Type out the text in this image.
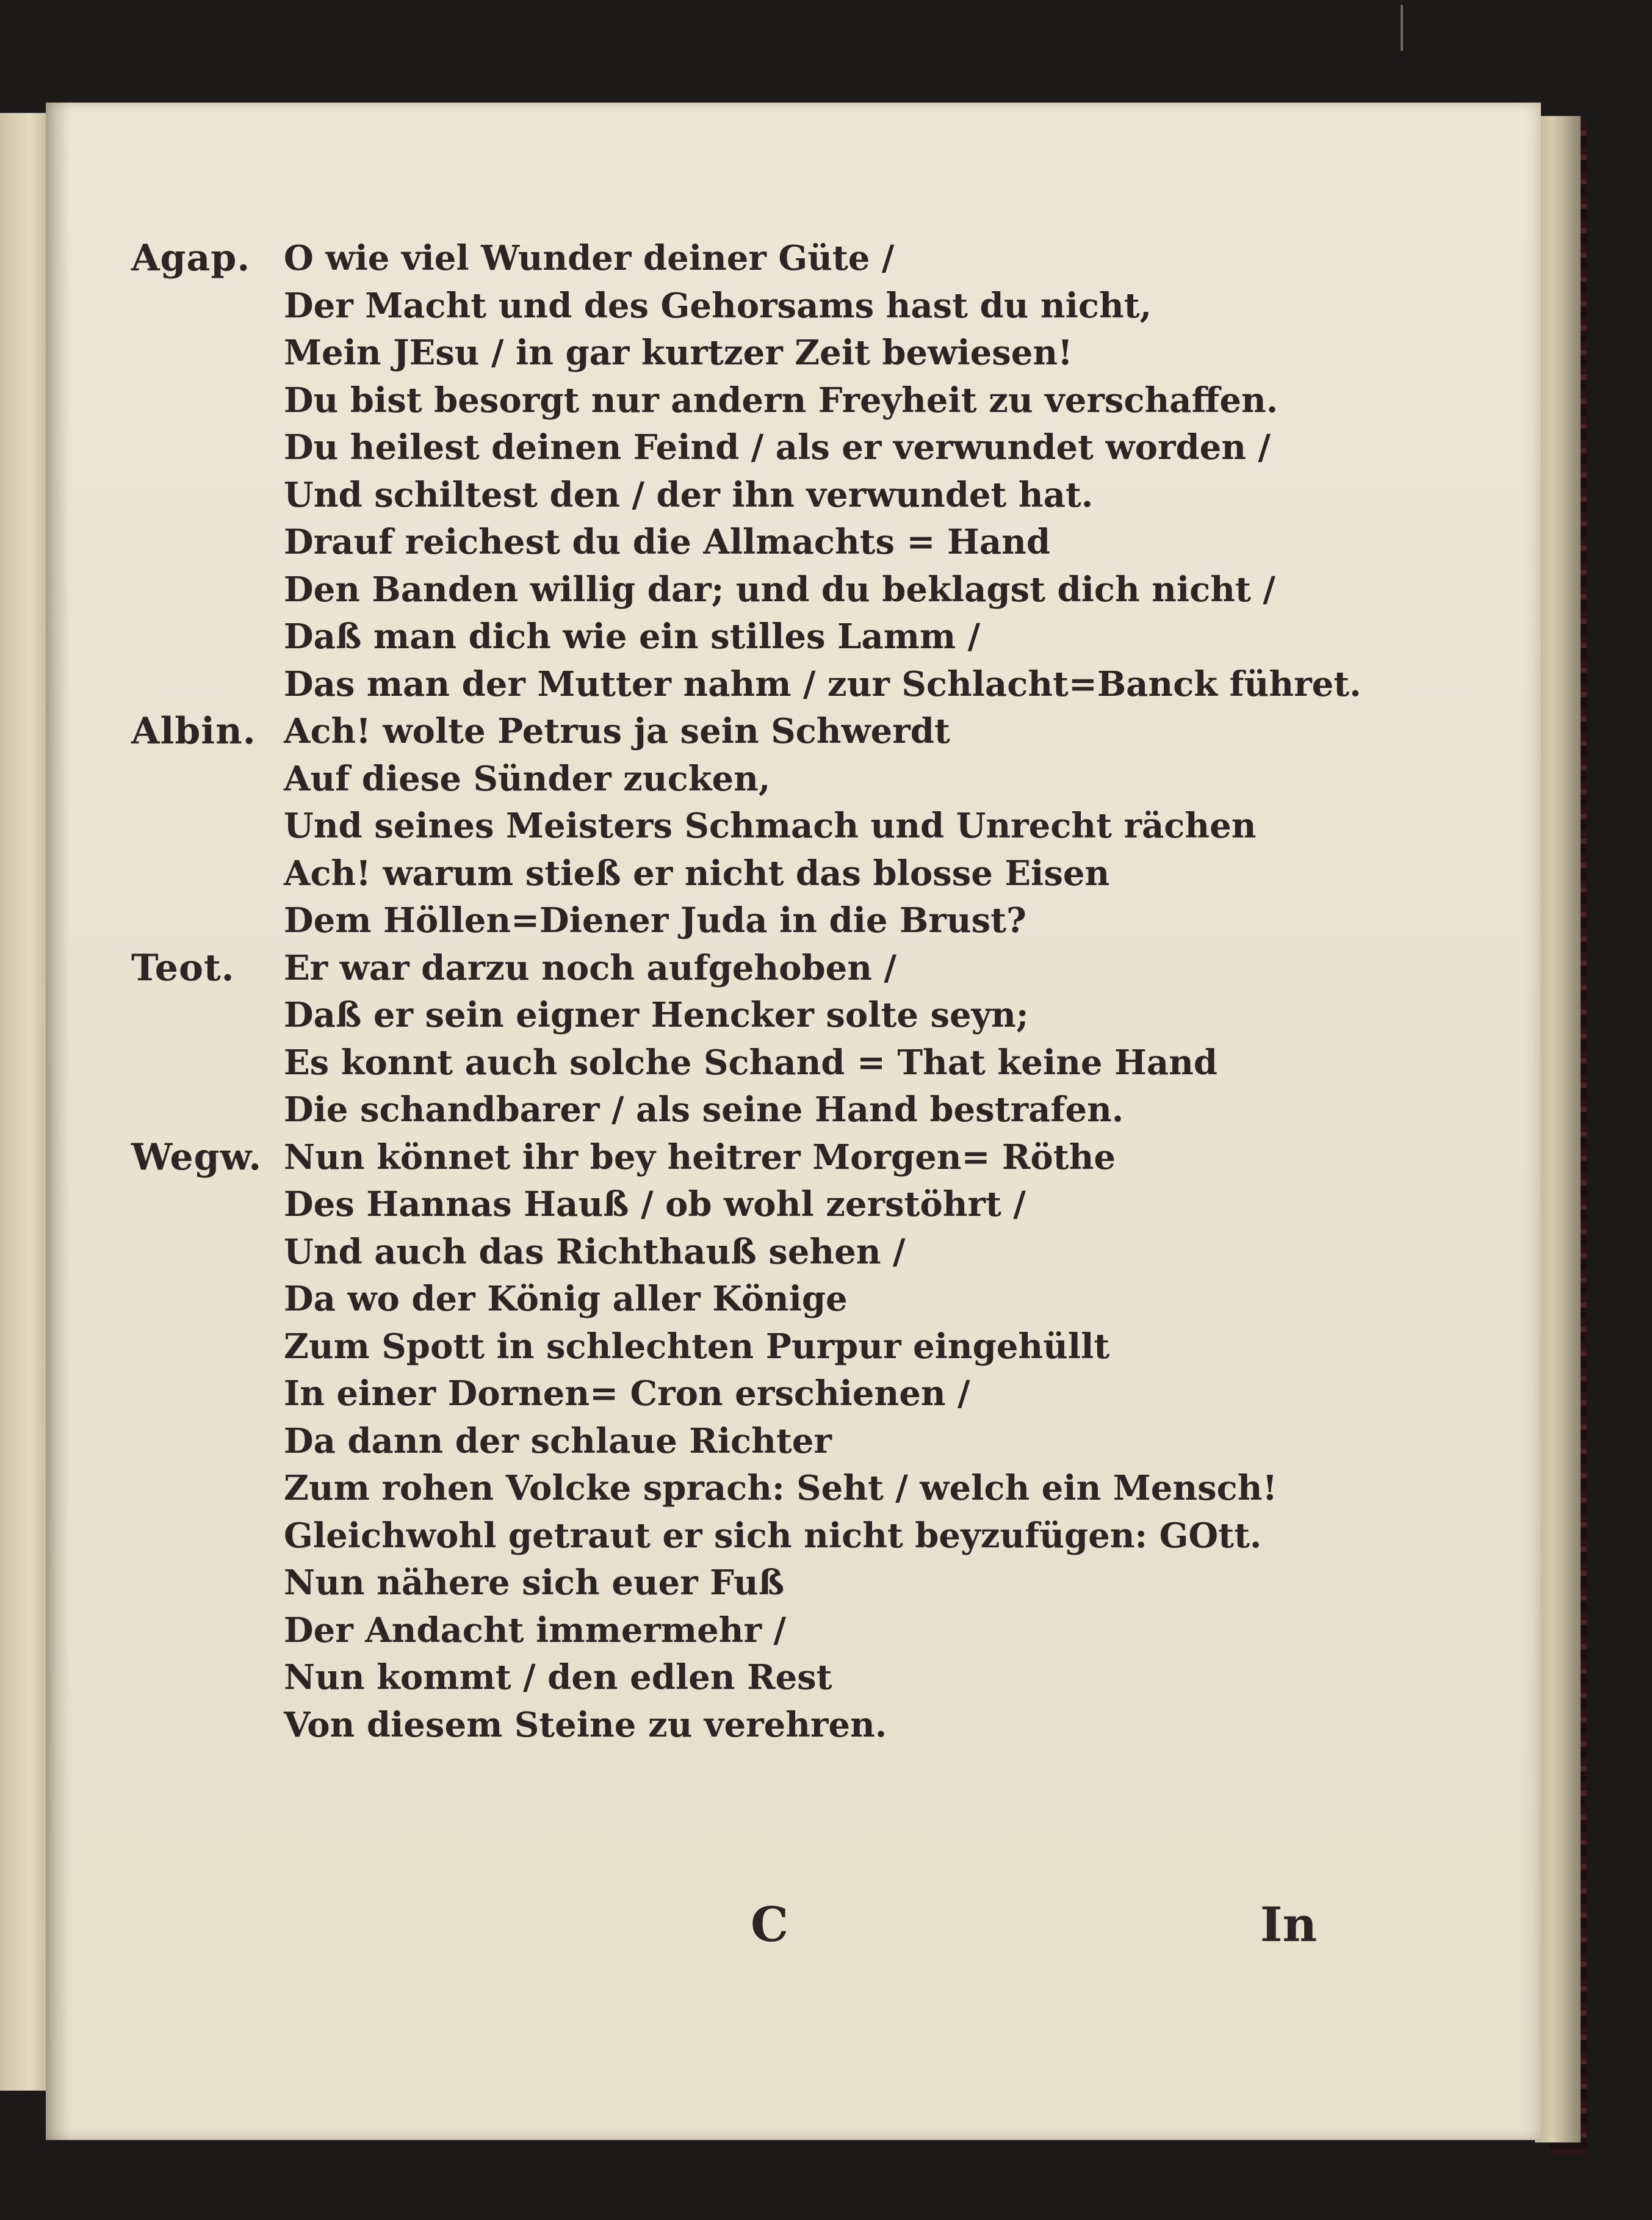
C	In
Agap. O wie viel Wunder deiner Güte /
Der Macht und des Gehorsams hast du nicht,
Mein JEsu / in gar kurtzer Zeit bewiesen!
Du bist besorgt nur andern Freyheit zu verschaffen.
Du heilest deinen Feind / als er verwundet worden /
Und schiltest den / der ihn verwundet hat.
Drauf reichest du die Allmachts = Hand
Den Banden willig dar; und du beklagst dich nicht /
Daß man dich wie ein stilles Lamm /
Das man der Mutter nahm / zur Schlacht=Banck führet.
Albin. Ach! wolte Petrus ja sein Schwerdt
Auf diese Sünder zucken,
Und seines Meisters Schmach und Unrecht rächen
Ach! warum stieß er nicht das blosse Eisen
Dem Höllen=Diener Juda in die Brust?
Teot. Er war darzu noch aufgehoben /
Daß er sein eigner Hencker solte seyn;
Es konnt auch solche Schand = That keine Hand
Die schandbarer / als seine Hand bestrafen.
Wegw. Nun könnet ihr bey heitrer Morgen= Röthe
Des Hannas Hauß / ob wohl zerstöhrt /
Und auch das Richthauß sehen /
Da wo der König aller Könige
Zum Spott in schlechten Purpur eingehüllt
In einer Dornen= Cron erschienen /
Da dann der schlaue Richter
Zum rohen Volcke sprach: Seht / welch ein Mensch!
Gleichwohl getraut er sich nicht beyzufügen: GOtt.
Nun nähere sich euer Fuß
Der Andacht immermehr /
Nun kommt / den edlen Rest
Von diesem Steine zu verehren.
